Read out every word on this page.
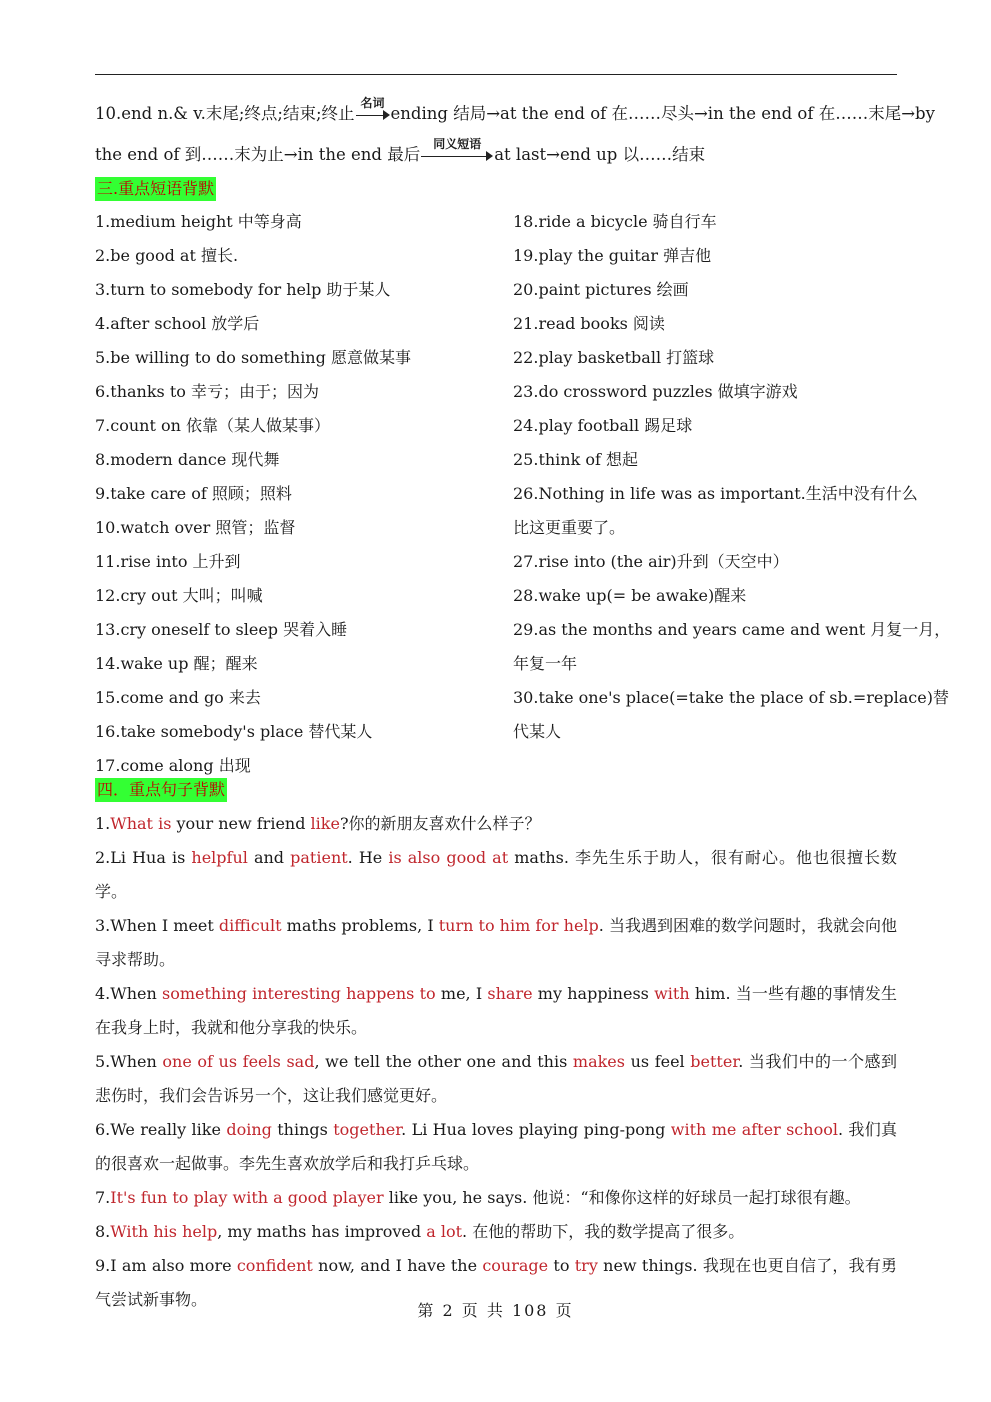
10.end n.& v.末尾;终点;结束;终止
名词
ending 结局→at the end of 在……尽头→in the end of 在……末尾→by
the end of 到……末为止→in the end 最后
同义短语
at last→end up 以……结束
三.重点短语背默
1.medium height 中等身高
2.be good at 擅长.
3.turn to somebody for help 助于某人
4.after school 放学后
5.be willing to do something 愿意做某事
6.thanks to 幸亏；由于；因为
7.count on 依靠（某人做某事）
8.modern dance 现代舞
9.take care of 照顾；照料
10.watch over 照管；监督
11.rise into 上升到
12.cry out 大叫；叫喊
13.cry oneself to sleep 哭着入睡
14.wake up 醒；醒来
15.come and go 来去
16.take somebody's place 替代某人
17.come along 出现
18.ride a bicycle 骑自行车
19.play the guitar 弹吉他
20.paint pictures 绘画
21.read books 阅读
22.play basketball 打篮球
23.do crossword puzzles 做填字游戏
24.play football 踢足球
25.think of 想起
26.Nothing in life was as important.生活中没有什么
比这更重要了。
27.rise into (the air)升到（天空中）
28.wake up(= be awake)醒来
29.as the months and years came and went 月复一月，
年复一年
30.take one's place(=take the place of sb.=replace)替
代某人
四．重点句子背默
1.What is your new friend like?你的新朋友喜欢什么样子？
2.Li Hua is helpful and patient. He is also good at maths. 李先生乐于助人，很有耐心。他也很擅长数学。
3.When I meet difficult maths problems, I turn to him for help. 当我遇到困难的数学问题时，我就会向他寻求帮助。
4.When something interesting happens to me, I share my happiness with him. 当一些有趣的事情发生在我身上时，我就和他分享我的快乐。
5.When one of us feels sad, we tell the other one and this makes us feel better. 当我们中的一个感到悲伤时，我们会告诉另一个，这让我们感觉更好。
6.We really like doing things together. Li Hua loves playing ping-pong with me after school. 我们真的很喜欢一起做事。李先生喜欢放学后和我打乒乓球。
7.It's fun to play with a good player like you, he says. 他说：“和像你这样的好球员一起打球很有趣。
8.With his help, my maths has improved a lot. 在他的帮助下，我的数学提高了很多。
9.I am also more confident now, and I have the courage to try new things. 我现在也更自信了，我有勇气尝试新事物。
第 2 页 共 108 页
